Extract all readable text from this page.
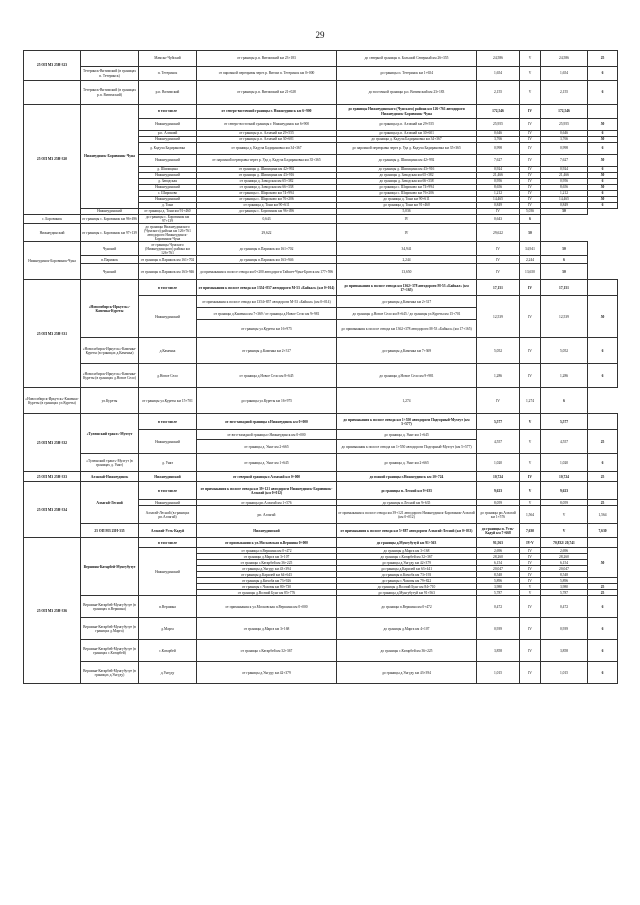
29
25 ОП МЗ 25Н-323		Мамско-Чуйский	от границы р.п. Витимский км 23+183	до северной границы п. Большой Северный км 26+355	24,586	V	24,586	25	
	Тетеринск-Витимский (в границах п. Тетеринск)	п. Тетеринск	от паромной переправы через р. Витим п. Тетеринск км 0+000	до границы п. Тетеринск км 1+654	1,654	V	1,654	6	
	Тетеринск-Витимский (в границах р.п. Витимский)	р.п. Витимский	от границы р.п. Витимский км 21+028	до восточной границы р.п. Витимский км 23+183	2,155	V	2,155	6	
25 ОП МЗ 25Н-320	Нижнеудинск-Боровинок-Чуна	в том числе	от северо-восточной границы г. Нижнеудинск км 6+900	до границы Нижнеудинского (Чунского) района км 126+761 автодороги Нижнеудинск-Боровинок-Чуна	172,546	IV	172,546		
		Нижнеудинский	от северо-восточной границы г. Нижнеудинск км 6+900	до границы р.п. Алзамай км 29+555	25,955	IV	25,955	50	
		р.п. Алзамай	от границы р.п. Алзамай км 29+555	до границы р.п. Алзамай км 30+601	0,646	IV	0,646	6	
		Нижнеудинский	от границы р.п. Алзамай км 30+601	до границы д. Кадуча Бадирановка км 34+367	3,766	IV	3,766	50	
		д. Кадуча Бадирановка	от границы д. Кадуча Бадирановка км 34+367	до паромной переправы через р. Уда д. Кадуча Бадирановка км 35+365	0,998	IV	0,998	6	
		Нижнеудинский	от паромной переправы через р. Уда д. Кадуча Бадирановка км 35+365	до границы д. Шипицина км 42+992	7,627	IV	7,627	50	
		д. Шипицина	от границы д. Шипицина км 42+992	до границы д. Шипицина км 43+916	0,924	IV	0,924	6	
		Нижнеудинский	от границы д. Шипицина км 43+916	до границы д. Заводская км 65+382	21,466	IV	21,466	50	
		д. Заводская	от границы д. Заводская км 65+382	до границы д. Заводская км 66+338	0,956	IV	0,956	6	
		Нижнеудинский	от границы д. Заводская км 66+338	до границы с. Широково км 74+994	8,656	IV	8,656	50	
		с. Широково	от границы с. Широково км 74+994	до границы с. Широково км 76+206	1,212	IV	1,212	6	
		Нижнеудинский	от границы с. Широково км 76+206	до границы д. Тони км 90+611	14,465	IV	14,465	50	
		д. Тони	от границы д. Тони км 90+611	до границы д. Тони км 91+460	0,849	IV	0,849	6	
	Нижнеудинский	от границы д. Тони км 91+460	до границы с. Боровинок км 96+496	5,036	IV	5,036	50		
с. Боровинок	от границы с. Боровинок км 96+496	до границы с. Боровинок км 97+139	0,643	IV	0,643	6			
Нижнеудинский	от границы с. Боровинок км 97+139	до границы Нижнеудинского (Чунского) района км 126+761 автодороги Нижнеудинск-Боровинок-Чуна	29,622	IV	29,622	50			
Нижнеудинск-Боровинок-Чуна	Чунский	от границы Чунского (Нижнеудинского) района км 126+761	до границы п.Парижок км 161+702	34,941	IV	34,941	50		
	п.Парижок	от границы п.Парижок км 161+702	до границы п.Парижок км 163+946	2,244	IV	2,244	6		
	Чунский	от границы п.Парижок км 163+946	до примыкания к полосе отвода км 0+200 автодороги Тайшет-Чуна-Братск км 177+596	13,650	IV	13,650	50		
25 ОП МЗ 25Н-331	«Новосибирск-Иркутск»-Каменка-Куреты	в том числе	от примыкания к полосе отвода км 1354+857 автодороги М-53 «Байкал» (км 0+014)	до примыкания к полосе отвода км 1362+378 автодороги М-53 «Байкал» (км 17+165)	17,151	IV	17,151		
		Нижнеудинский	от примыкания к полосе отвода км 1354+857 автодороги М-53 «Байкал» (км 0+014)	до границы д.Каменка км 2+317	12,539	IV	12,539	50	
			от границы д.Каменка км 7+369 / от границы д.Новое Село км 9+981	до границы д.Новое Село км 8+645 / до границы ул.Куреты км 15+701					
			от границы ул.Куреты км 16+975	до примыкания к полосе отвода км 1362+378 автодороги М-53 «Байкал» (км 17+165)					
	«Новосибирск-Иркутск»-Каменка-Куреты (в границах д.Каменка)	д.Каменка	от границы д.Каменка км 2+317	до границы д.Каменка км 7+369	5,052	IV	5,052	6	
	«Новосибирск-Иркутск»-Каменка-Куреты (в границах д.Новое Село)	д.Новое Село	от границы д.Новое Село км 8+645	до границы д.Новое Село км 9+981	1,286	IV	1,286	6	
«Новосибирск-Иркутск»-Каменка-Куреты (в границах ул.Куреты)	ул.Куреты	от границы ул.Куреты км 15+701	до границы ул.Куреты км 16+975	1,274	IV	1,274	6		
25 ОП МЗ 25Н-332	«Тулюнский тракт»-Мухтут	в том числе	от юго-западной границы г.Нижнеудинск км 0+000	до примыкания к полосе отвода км 1+550 автодороги Подгорный-Мухтут (км 5+577)	5,577	V	5,577		
		Нижнеудинский	от юго-западной границы г.Нижнеудинск км 0+000	до границы д. Ункт км 1+645	4,557	V	4,557	25	
			от границы д. Ункт км 2+665	до примыкания к полосе отвода км 1+550 автодороги Подгорный-Мухтут (км 5+577)					
	«Тулюнский тракт»-Мухтут (в границах д. Ункт)	д. Ункт	от границы д. Ункт км 1+645	до границы д. Ункт км 2+665	1,020	V	1,020	6	
25 ОП МЗ 25Н-333	Алзамай-Нижнеудинск	Нижнеудинский	от северной границы г.Алзамай км 0+000	до южной границы г.Нижнеудинск км 10+724	10,724	IV	10,724	25	
25 ОП МЗ 25Н-334	Алзагай-Лесной	в том числе	от примыкания к полосе отвода км 39+121 автодороги Нижнеудинск-Боровинок-Алзагай (км 0+012)	до границы п. Лесной км 9+635	9,623	V	9,623		
		Нижнеудинский	от границы рп.Алзагай км 1+576	до границы п.Лесной км 9+635	8,059	V	8,059	25	
		Алзагай-Лесной (в границах рп.Алзагай)	рп. Алзагай	от примыкания к полосе отвода км 39+121 автодороги Нижнеудинск-Боровинок-Алзагай (км 0+012)	до границы рп.Алзагай км 1+576	1,564	V	1,564	
	25 ОП МЗ 25Н-335	Алзагай-Усть-Кадуй	Нижнеудинский	от примыкания к полосе отвода км 5+887 автодороги Алзагай-Лесной (км 0+033)	до границы п. Усть-Кадуй км 7+668	7,630	V	7,630	
25 ОП МЗ 25Н-336	Вершина-Катарбей-Мунгубутуе	в том числе	от примыкания к ул.Московская п.Вершина 0+000	до границы д.Мунгубутуй км 91+563	91,563	IV-V	70,832/ 20,741		
		Нижнеудинский	от границы п.Вершина км 0+472	до границы д.Марга км 3+168	2,696	IV	2,696	50	
			от границы д.Марга км 3+107	до границы с.Катарбей км 32+367	28,260	IV	28,260		
			от границы с.Катарбей км 36+225	до границы д.Унгуду км 42+379	6,154	IV	6,154		
			от границы д.Унгуду км 43+394	до границы д.Карилей км 63+441	20,047	IV	20,047		
			от границы д.Карилей км 64+643	до границы п.Кичоба км 73+193	8,548	IV	8,548		
			от границы д.Кичоба км 73+926	до границы с.Чаховы км 79+822	5,896	IV	5,896		
			от границы с.Чаховы км 80+730	до границы д.Волчий Бунг км 84+710	3,980	V	3,980	25	
			от границы д.Волчий Бунг км 85+776	до границы д.Мунгубутуй км 91+563	5,787	V	5,787	25	
	Вершина-Катарбей-Мунгубутуе (в границах п.Вершина)	п.Вершина	от примыкания к ул.Московская п.Вершина км 0+000	до границы п.Вершина км 0+472	0,472	IV	0,472	6	
	Вершина-Катарбей-Мунгубутуе (в границах д.Марга)	д.Марга	от границы д.Марга км 3+168	до границы д.Марга км 4+107	0,939	IV	0,939	6	
	Вершина-Катарбей-Мунгубутуе (в границах с.Катарбей)	с.Катарбей	от границы с.Катарбей км 32+367	до границы с.Катарбей км 36+225	3,858	IV	3,858	6	
	Вершина-Катарбей-Мунгубутуе (в границах д.Унгуду)	д.Унгуду	от границы д.Унгуду км 42+379	до границы д.Унгуду км 43+394	1,015	IV	1,015	6	
